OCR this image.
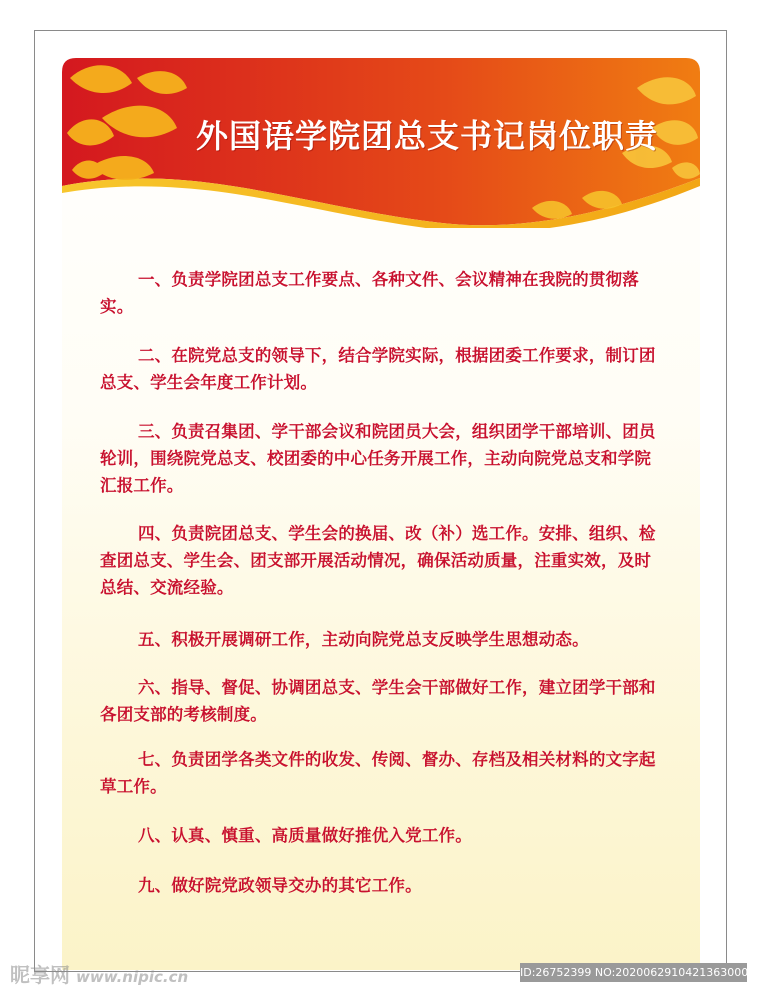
外国语学院团总支书记岗位职责

一、负责学院团总支工作要点、各种文件、会议精神在我院的贯彻落实。

二、在院党总支的领导下，结合学院实际，根据团委工作要求，制订团总支、学生会年度工作计划。

三、负责召集团、学干部会议和院团员大会，组织团学干部培训、团员轮训，围绕院党总支、校团委的中心任务开展工作，主动向院党总支和学院汇报工作。

四、负责院团总支、学生会的换届、改（补）选工作。安排、组织、检查团总支、学生会、团支部开展活动情况，确保活动质量，注重实效，及时总结、交流经验。

五、积极开展调研工作，主动向院党总支反映学生思想动态。

六、指导、督促、协调团总支、学生会干部做好工作，建立团学干部和各团支部的考核制度。

七、负责团学各类文件的收发、传阅、督办、存档及相关材料的文字起草工作。

八、认真、慎重、高质量做好推优入党工作。

九、做好院党政领导交办的其它工作。

昵享网 www.nipic.cn	ID:26752399 NO:20200629104213630000
